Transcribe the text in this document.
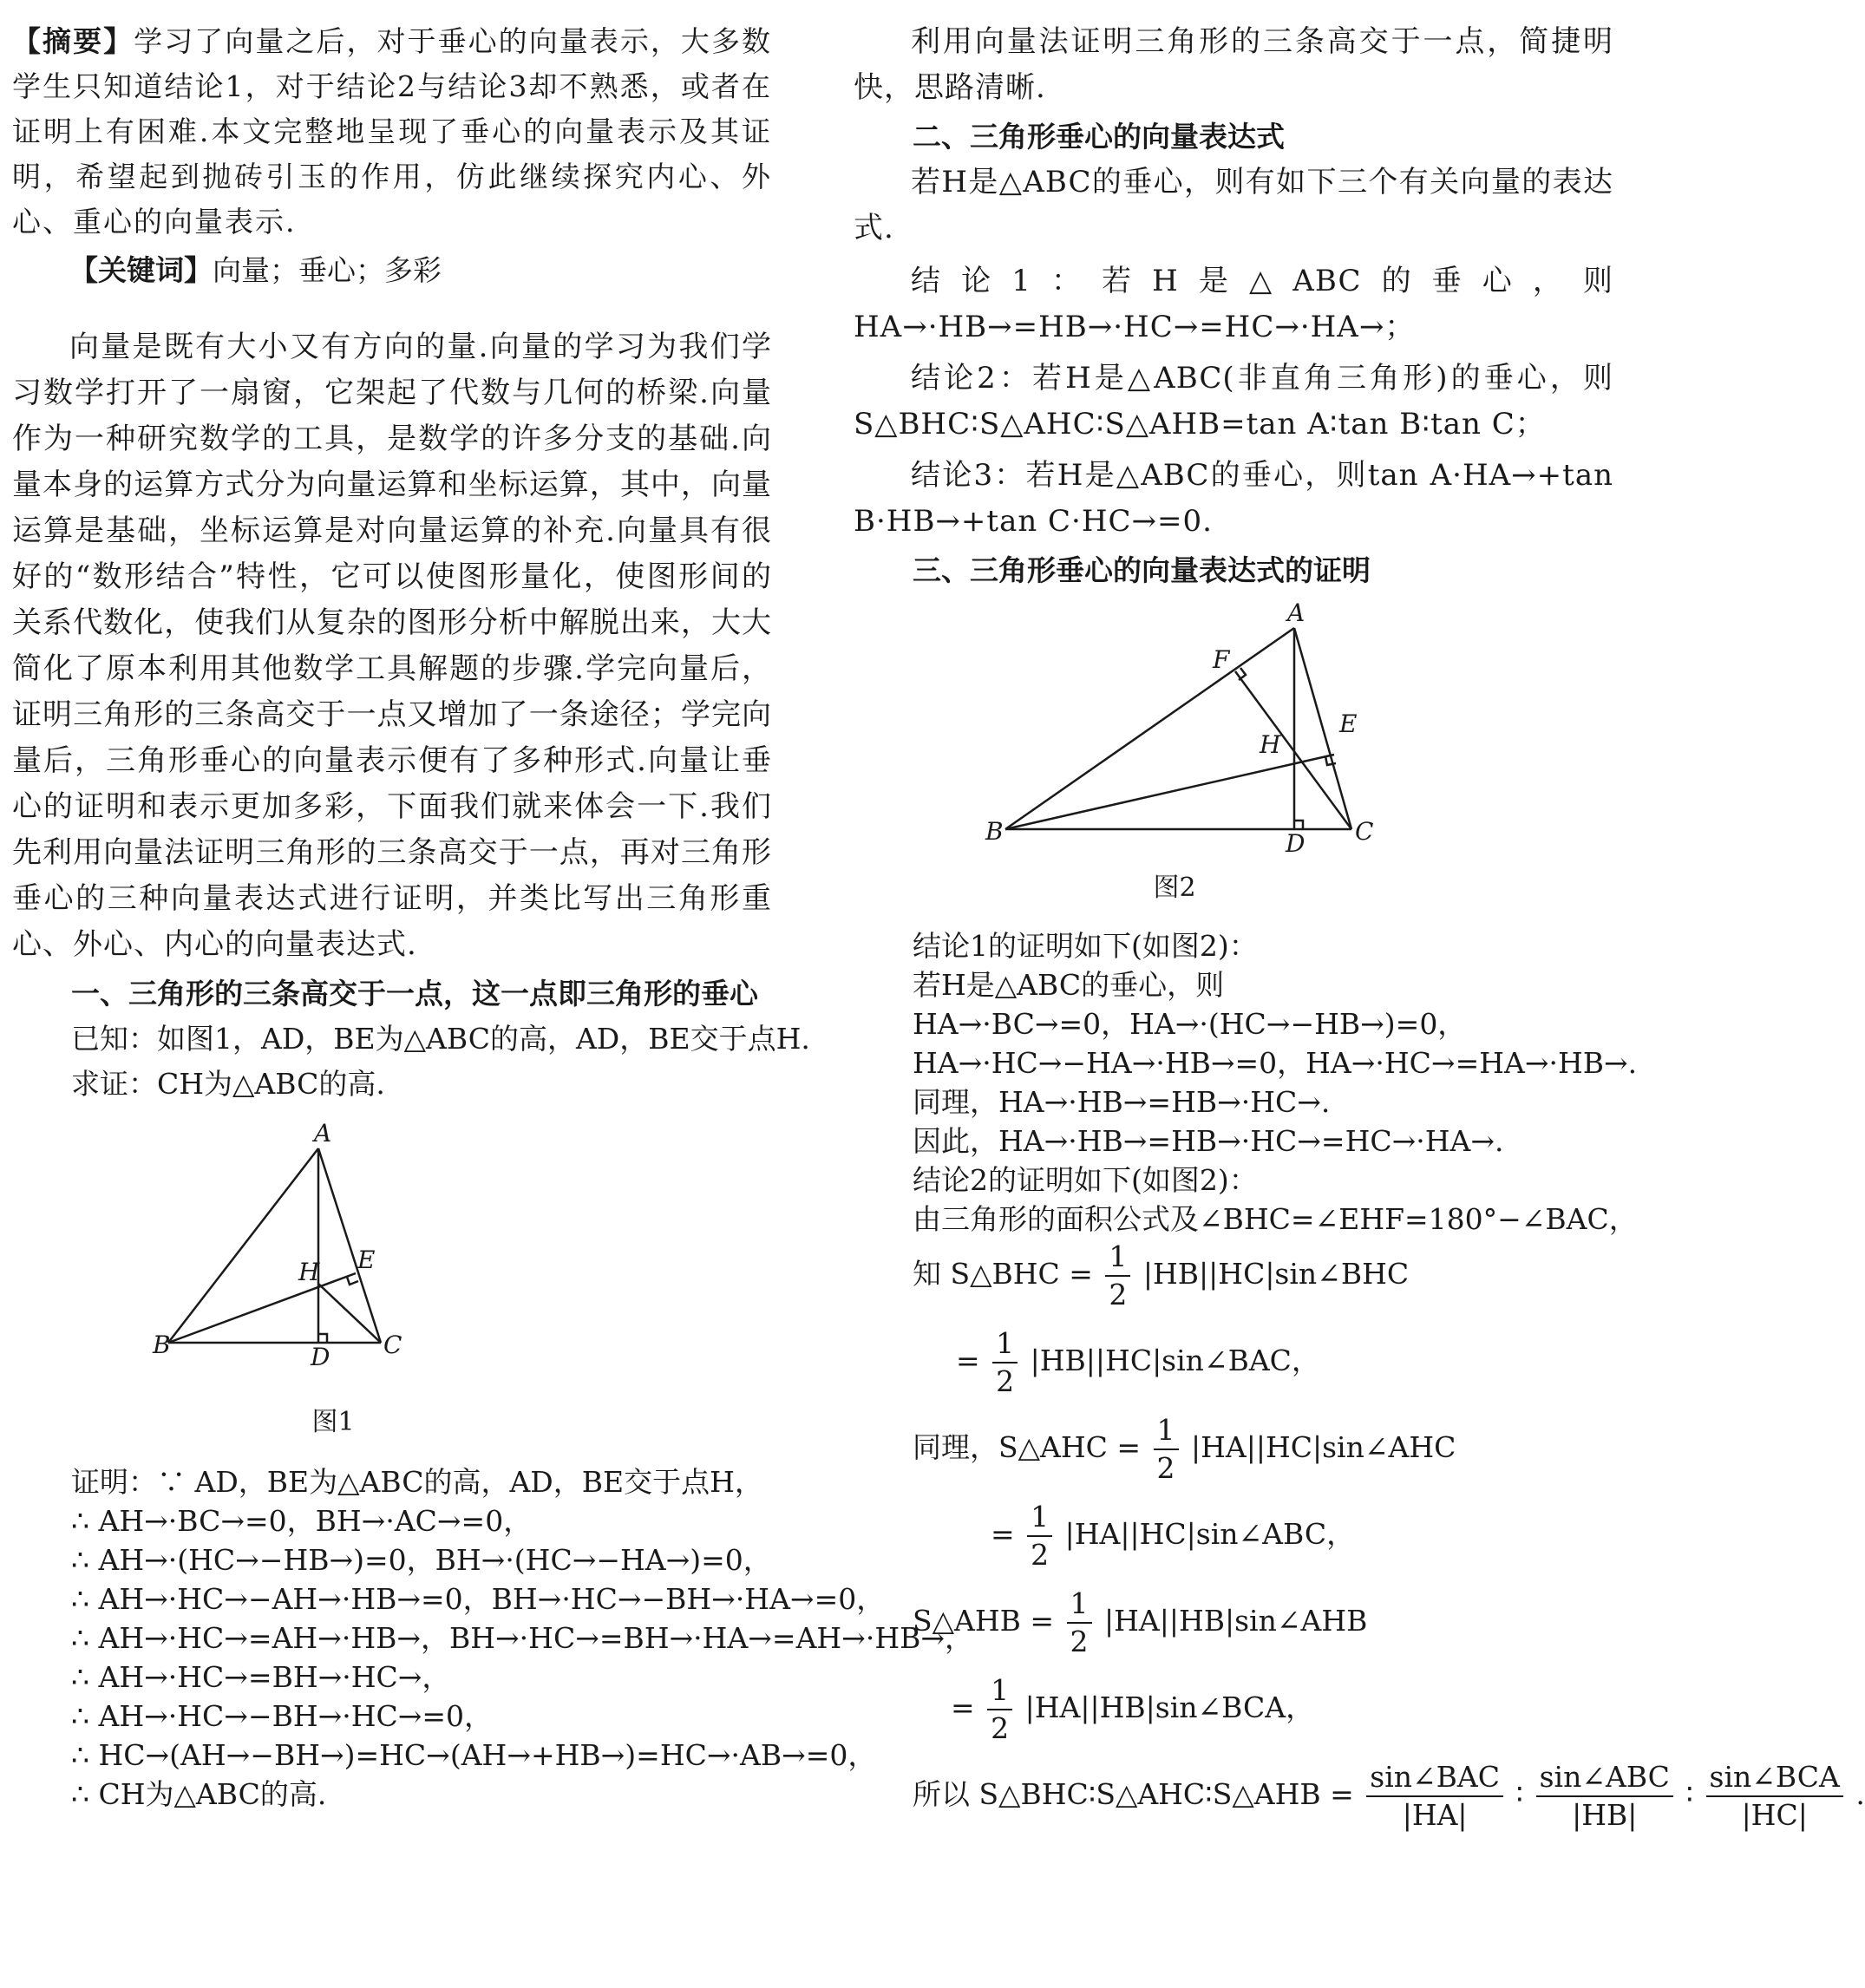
【摘要】学习了向量之后，对于垂心的向量表示，大多数学生只知道结论1，对于结论2与结论3却不熟悉，或者在证明上有困难.本文完整地呈现了垂心的向量表示及其证明，希望起到抛砖引玉的作用，仿此继续探究内心、外心、重心的向量表示.

【关键词】向量；垂心；多彩

向量是既有大小又有方向的量.向量的学习为我们学习数学打开了一扇窗，它架起了代数与几何的桥梁.向量作为一种研究数学的工具，是数学的许多分支的基础.向量本身的运算方式分为向量运算和坐标运算，其中，向量运算是基础，坐标运算是对向量运算的补充.向量具有很好的“数形结合”特性，它可以使图形量化，使图形间的关系代数化，使我们从复杂的图形分析中解脱出来，大大简化了原本利用其他数学工具解题的步骤.学完向量后，证明三角形的三条高交于一点又增加了一条途径；学完向量后，三角形垂心的向量表示便有了多种形式.向量让垂心的证明和表示更加多彩，下面我们就来体会一下.我们先利用向量法证明三角形的三条高交于一点，再对三角形垂心的三种向量表达式进行证明，并类比写出三角形重心、外心、内心的向量表达式.

一、三角形的三条高交于一点，这一点即三角形的垂心
已知：如图1，AD，BE为△ABC的高，AD，BE交于点H.
求证：CH为△ABC的高.
A
B	C
D
E
H
图1
证明：∵ AD，BE为△ABC的高，AD，BE交于点H，
∴ AH→·BC→=0，BH→·AC→=0，
∴ AH→·(HC→−HB→)=0，BH→·(HC→−HA→)=0，
∴ AH→·HC→−AH→·HB→=0，BH→·HC→−BH→·HA→=0，
∴ AH→·HC→=AH→·HB→，BH→·HC→=BH→·HA→=AH→·HB→，
∴ AH→·HC→=BH→·HC→，
∴ AH→·HC→−BH→·HC→=0，
∴ HC→(AH→−BH→)=HC→(AH→+HB→)=HC→·AB→=0，
∴ CH为△ABC的高.

利用向量法证明三角形的三条高交于一点，简捷明快，思路清晰.

二、三角形垂心的向量表达式

若H是△ABC的垂心，则有如下三个有关向量的表达式.

结论1：若H是△ABC的垂心，则HA→·HB→=HB→·HC→=HC→·HA→；

结论2：若H是△ABC(非直角三角形)的垂心，则S△BHC∶S△AHC∶S△AHB=tan A∶tan B∶tan C；

结论3：若H是△ABC的垂心，则tan A·HA→+tan B·HB→+tan C·HC→=0.

三、三角形垂心的向量表达式的证明
A
B	C
D
E
F
H
图2
结论1的证明如下(如图2)：
若H是△ABC的垂心，则
HA→·BC→=0，HA→·(HC→−HB→)=0，
HA→·HC→−HA→·HB→=0，HA→·HC→=HA→·HB→.
同理，HA→·HB→=HB→·HC→.
因此，HA→·HB→=HB→·HC→=HC→·HA→.
结论2的证明如下(如图2)：
由三角形的面积公式及∠BHC=∠EHF=180°−∠BAC，
知 S△BHC = $\frac{1}{2}$ |HB||HC|sin∠BHC
= $\frac{1}{2}$ |HB||HC|sin∠BAC，
同理，S△AHC = $\frac{1}{2}$ |HA||HC|sin∠AHC
= $\frac{1}{2}$ |HA||HC|sin∠ABC，
S△AHB = $\frac{1}{2}$ |HA||HB|sin∠AHB
= $\frac{1}{2}$ |HA||HB|sin∠BCA，
所以 S△BHC∶S△AHC∶S△AHB = $\frac{\text{sin∠BAC}}{|HA|}$ ∶ $\frac{\text{sin∠ABC}}{|HB|}$ ∶ $\frac{\text{sin∠BCA}}{|HC|}$ .
